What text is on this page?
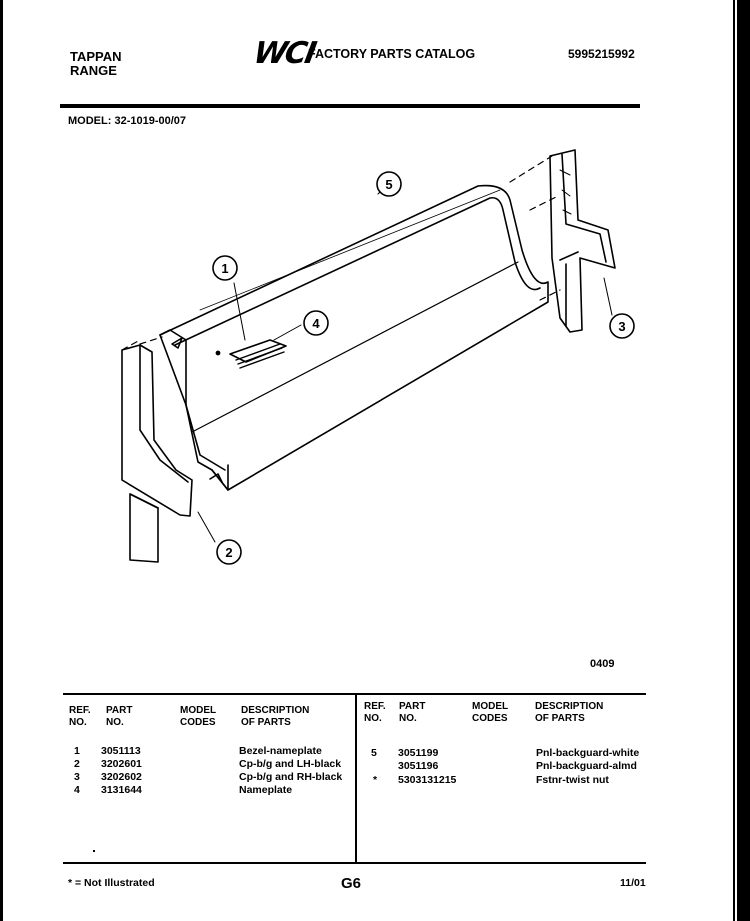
TAPPAN
RANGE	WCI
FACTORY PARTS CATALOG	5995215992
MODEL: 32-1019-00/07
1
2
3
4
5
0409
REF.
NO.
PART
NO.
MODEL
CODES
DESCRIPTION
OF PARTS
REF.
NO.
PART
NO.
MODEL
CODES
DESCRIPTION
OF PARTS
1 3051113	Bezel-nameplate
2 3202601	Cp-b/g and LH-black
3 3202602	Cp-b/g and RH-black
4 3131644	Nameplate
5 3051199	Pnl-backguard-white
3051196	Pnl-backguard-almd
* 5303131215	Fstnr-twist nut
* = Not Illustrated	G6	11/01
